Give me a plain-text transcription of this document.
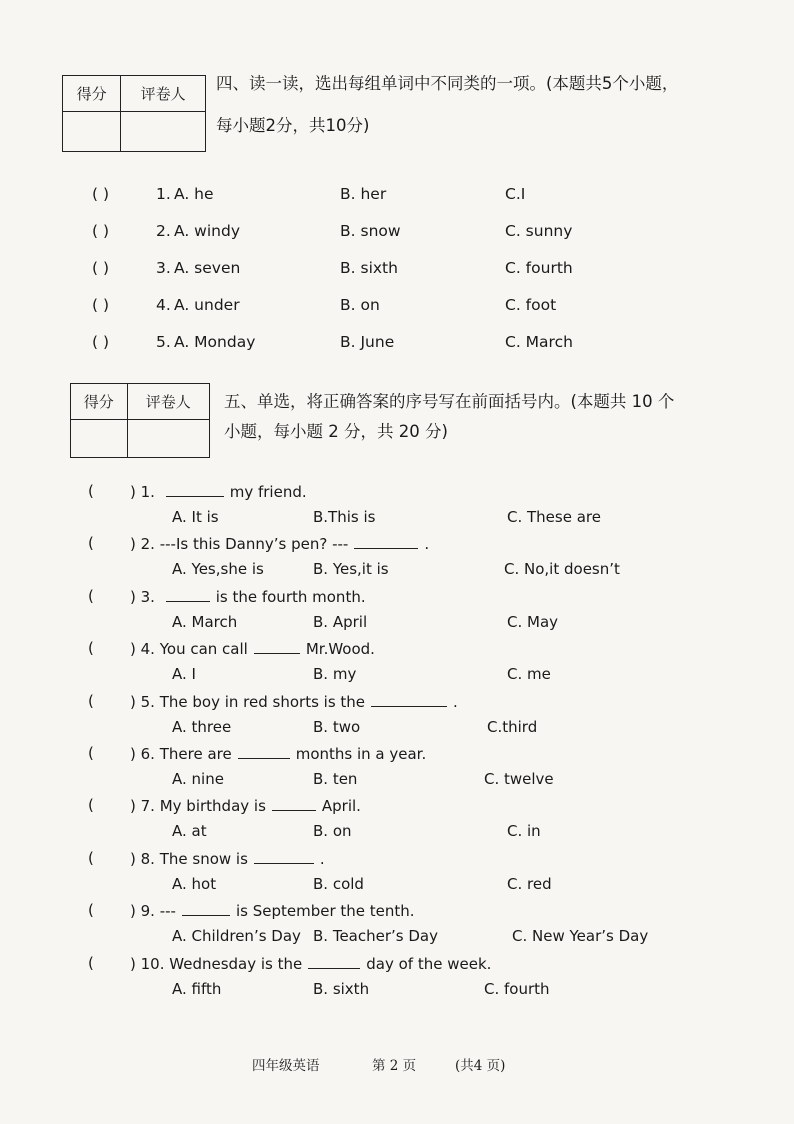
得分	评卷人

四、读一读，选出每组单词中不同类的一项。(本题共5个小题，
每小题2分，共10分)
( )	1. A. he	B. her	C.I
( )	2. A. windy	B. snow	C. sunny
( )	3. A. seven	B. sixth	C. fourth
( )	4. A. under	B. on	C. foot
( )	5. A. Monday	B. June	C. March
得分	评卷人
	五、单选，将正确答案的序号写在前面括号内。(本题共 10 个
小题，每小题 2 分，共 20 分)
( ) 1.	my friend.
A. It is	B.This is	C. These are
( ) 2. ---Is this Danny’s pen? ---	.
A. Yes,she is	B. Yes,it is	C. No,it doesn’t
( ) 3.	is the fourth month.
A. March	B. April	C. May
( ) 4. You can call	Mr.Wood.
A. I	B. my	C. me
( ) 5. The boy in red shorts is the	.
A. three	B. two	C.third
( ) 6. There are	months in a year.
A. nine	B. ten	C. twelve
( ) 7. My birthday is	April.
A. at	B. on	C. in
( ) 8. The snow is	.
A. hot	B. cold	C. red
( ) 9. ---	is September the tenth.
A. Children’s Day B. Teacher’s Day	C. New Year’s Day
( ) 10. Wednesday is the	day of the week.
A. fifth	B. sixth	C. fourth
四年级英语	第 2 页	(共4 页)
